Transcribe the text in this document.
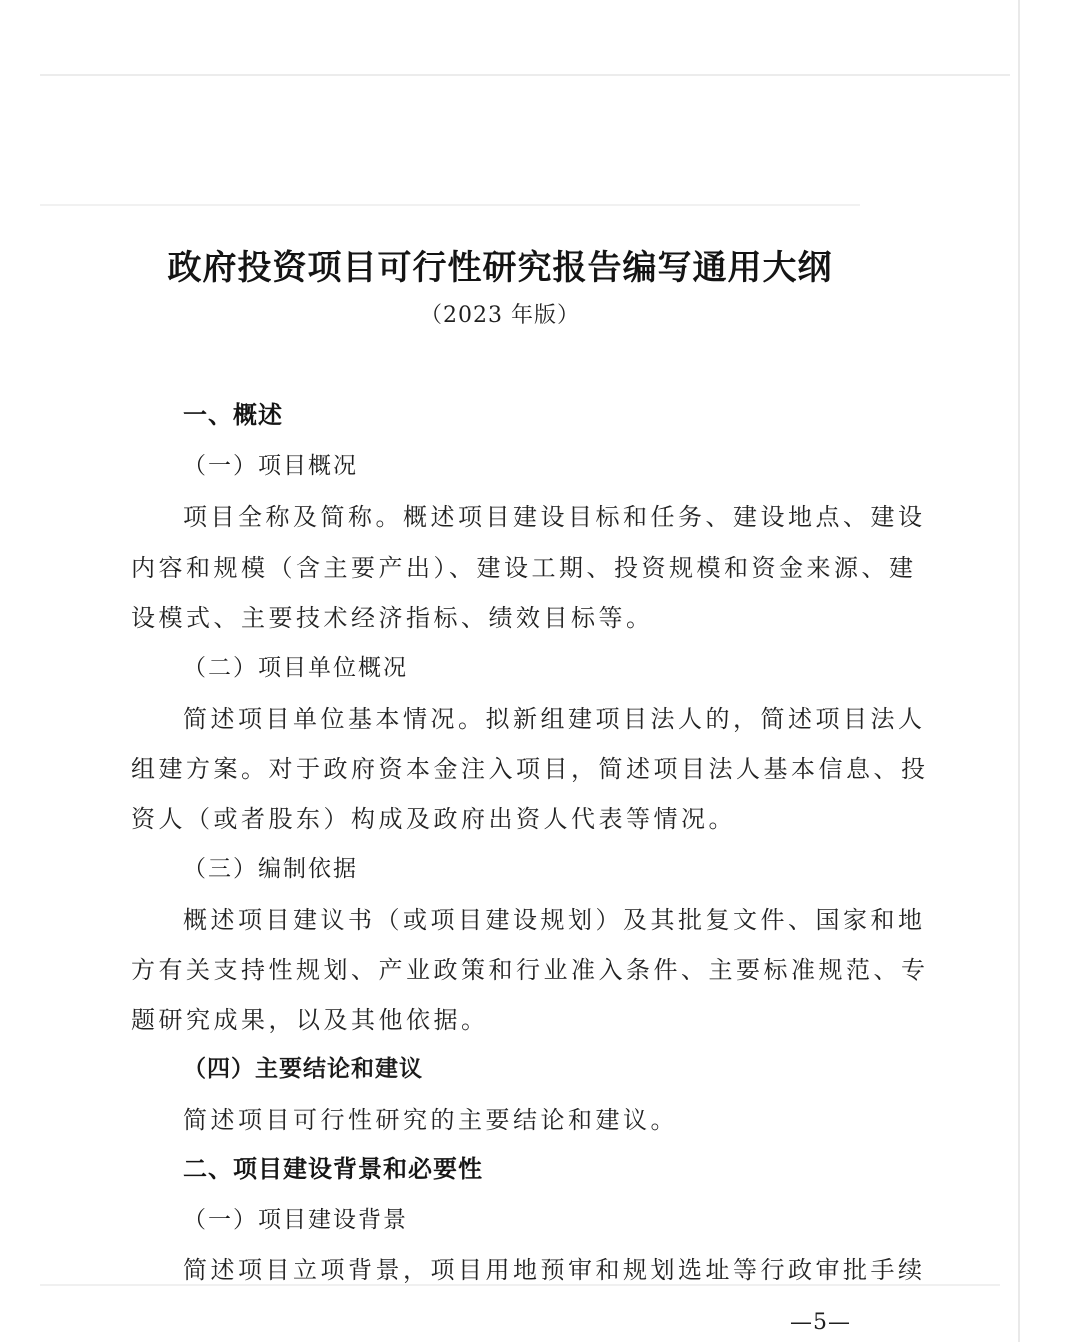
政府投资项目可行性研究报告编写通用大纲
（2023 年版）
一、概述
（一）项目概况
项目全称及简称。概述项目建设目标和任务、建设地点、建设
内容和规模（含主要产出）、建设工期、投资规模和资金来源、建
设模式、主要技术经济指标、绩效目标等。
（二）项目单位概况
简述项目单位基本情况。拟新组建项目法人的，简述项目法人
组建方案。对于政府资本金注入项目，简述项目法人基本信息、投
资人（或者股东）构成及政府出资人代表等情况。
（三）编制依据
概述项目建议书（或项目建设规划）及其批复文件、国家和地
方有关支持性规划、产业政策和行业准入条件、主要标准规范、专
题研究成果，以及其他依据。
（四）主要结论和建议
简述项目可行性研究的主要结论和建议。
二、项目建设背景和必要性
（一）项目建设背景
简述项目立项背景，项目用地预审和规划选址等行政审批手续
—5—
